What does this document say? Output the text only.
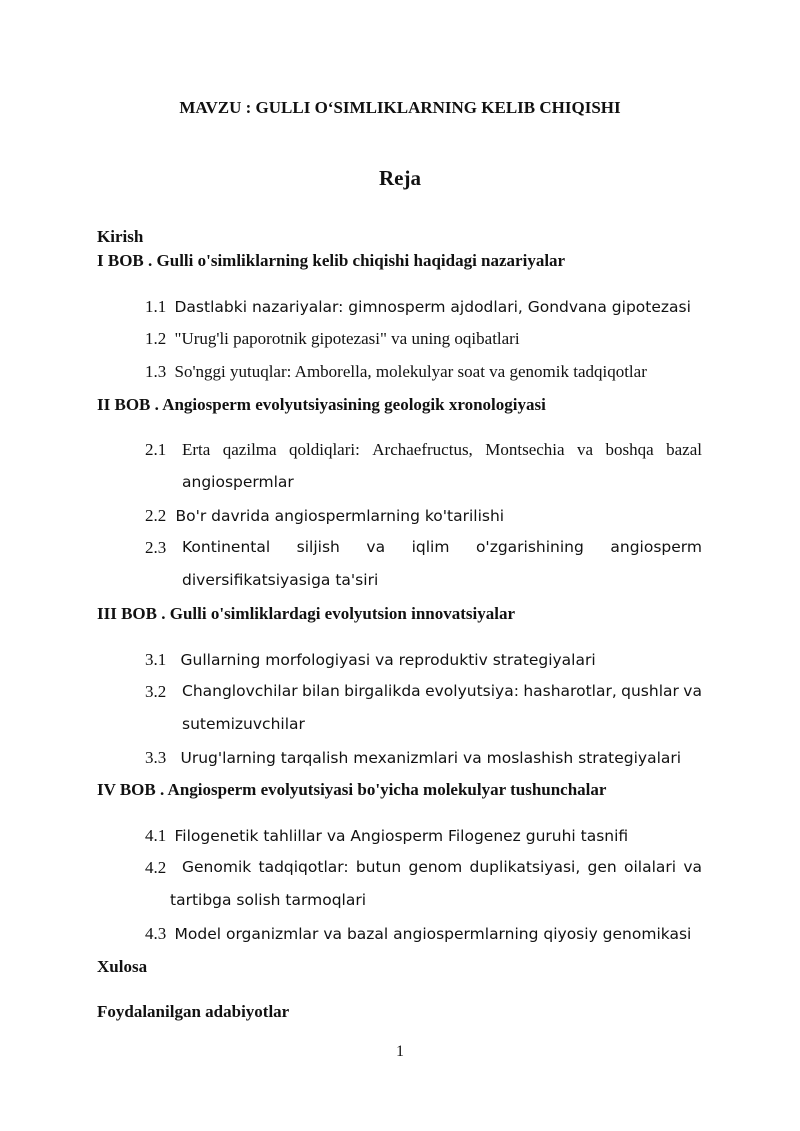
MAVZU : GULLI O‘SIMLIKLARNING KELIB CHIQISHI
Reja
Kirish
I BOB . Gulli o'simliklarning kelib chiqishi haqidagi nazariyalar
1.1 Dastlabki nazariyalar: gimnosperm ajdodlari, Gondvana gipotezasi
1.2 "Urug'li paporotnik gipotezasi" va uning oqibatlari
1.3 So'nggi yutuqlar: Amborella, molekulyar soat va genomik tadqiqotlar
II BOB . Angiosperm evolyutsiyasining geologik xronologiyasi
2.1 Erta qazilma qoldiqlari: Archaefructus, Montsechia va boshqa bazal
angiospermlar
2.2 Bo'r davrida angiospermlarning ko'tarilishi
2.3 Kontinental siljish va iqlim o'zgarishining angiosperm
diversifikatsiyasiga ta'siri
III BOB . Gulli o'simliklardagi evolyutsion innovatsiyalar
3.1 Gullarning morfologiyasi va reproduktiv strategiyalari
3.2 Changlovchilar bilan birgalikda evolyutsiya: hasharotlar, qushlar va
sutemizuvchilar
3.3 Urug'larning tarqalish mexanizmlari va moslashish strategiyalari
IV BOB . Angiosperm evolyutsiyasi bo'yicha molekulyar tushunchalar
4.1 Filogenetik tahlillar va Angiosperm Filogenez guruhi tasnifi
4.2 Genomik tadqiqotlar: butun genom duplikatsiyasi, gen oilalari va
tartibga solish tarmoqlari
4.3 Model organizmlar va bazal angiospermlarning qiyosiy genomikasi
Xulosa
Foydalanilgan adabiyotlar
1
